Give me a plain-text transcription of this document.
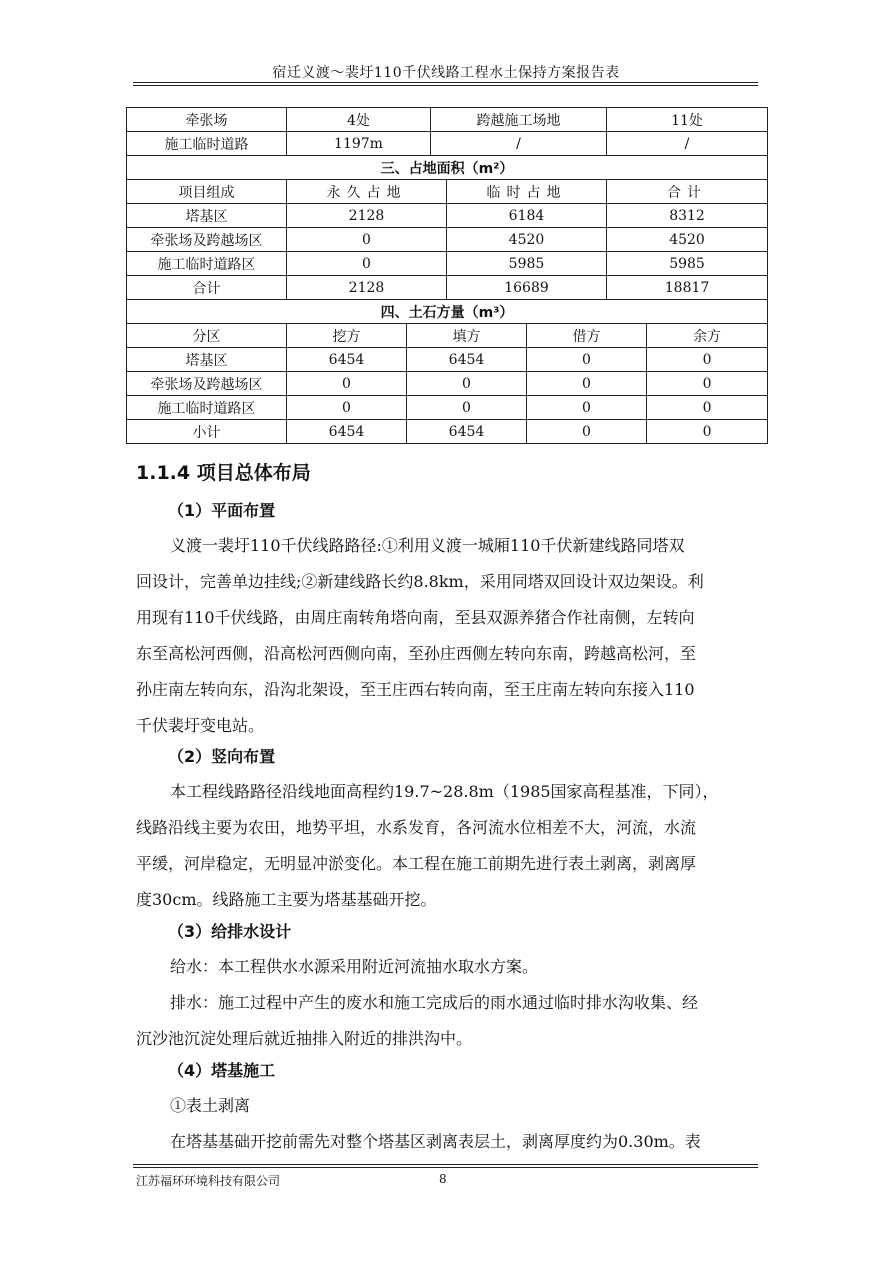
宿迁义渡～裴圩110千伏线路工程水土保持方案报告表
牵张场	4处	跨越施工场地	11处
施工临时道路	1197m	/	/
三、占地面积（m²）			
项目组成	永久占地	临时占地	合计
塔基区	2128	6184	8312
牵张场及跨越场区	0	4520	4520
施工临时道路区	0	5985	5985
合计	2128	16689	18817
四、土石方量（m³）				
分区	挖方	填方	借方	余方
塔基区	6454	6454	0	0
牵张场及跨越场区	0	0	0	0
施工临时道路区	0	0	0	0
小计	6454	6454	0	0
1.1.4 项目总体布局
（1）平面布置
义渡一裴圩110千伏线路路径:①利用义渡一城厢110千伏新建线路同塔双
回设计，完善单边挂线;②新建线路长约8.8km，采用同塔双回设计双边架设。利
用现有110千伏线路，由周庄南转角塔向南，至县双源养猪合作社南侧，左转向
东至高松河西侧，沿高松河西侧向南，至孙庄西侧左转向东南，跨越高松河，至
孙庄南左转向东，沿沟北架设，至王庄西右转向南，至王庄南左转向东接入110
千伏裴圩变电站。
（2）竖向布置
本工程线路路径沿线地面高程约19.7~28.8m（1985国家高程基准，下同），
线路沿线主要为农田，地势平坦，水系发育，各河流水位相差不大，河流，水流
平缓，河岸稳定，无明显冲淤变化。本工程在施工前期先进行表土剥离，剥离厚
度30cm。线路施工主要为塔基基础开挖。
（3）给排水设计
给水：本工程供水水源采用附近河流抽水取水方案。
排水：施工过程中产生的废水和施工完成后的雨水通过临时排水沟收集、经
沉沙池沉淀处理后就近抽排入附近的排洪沟中。
（4）塔基施工
①表土剥离
在塔基基础开挖前需先对整个塔基区剥离表层土，剥离厚度约为0.30m。表
江苏福环环境科技有限公司	8
